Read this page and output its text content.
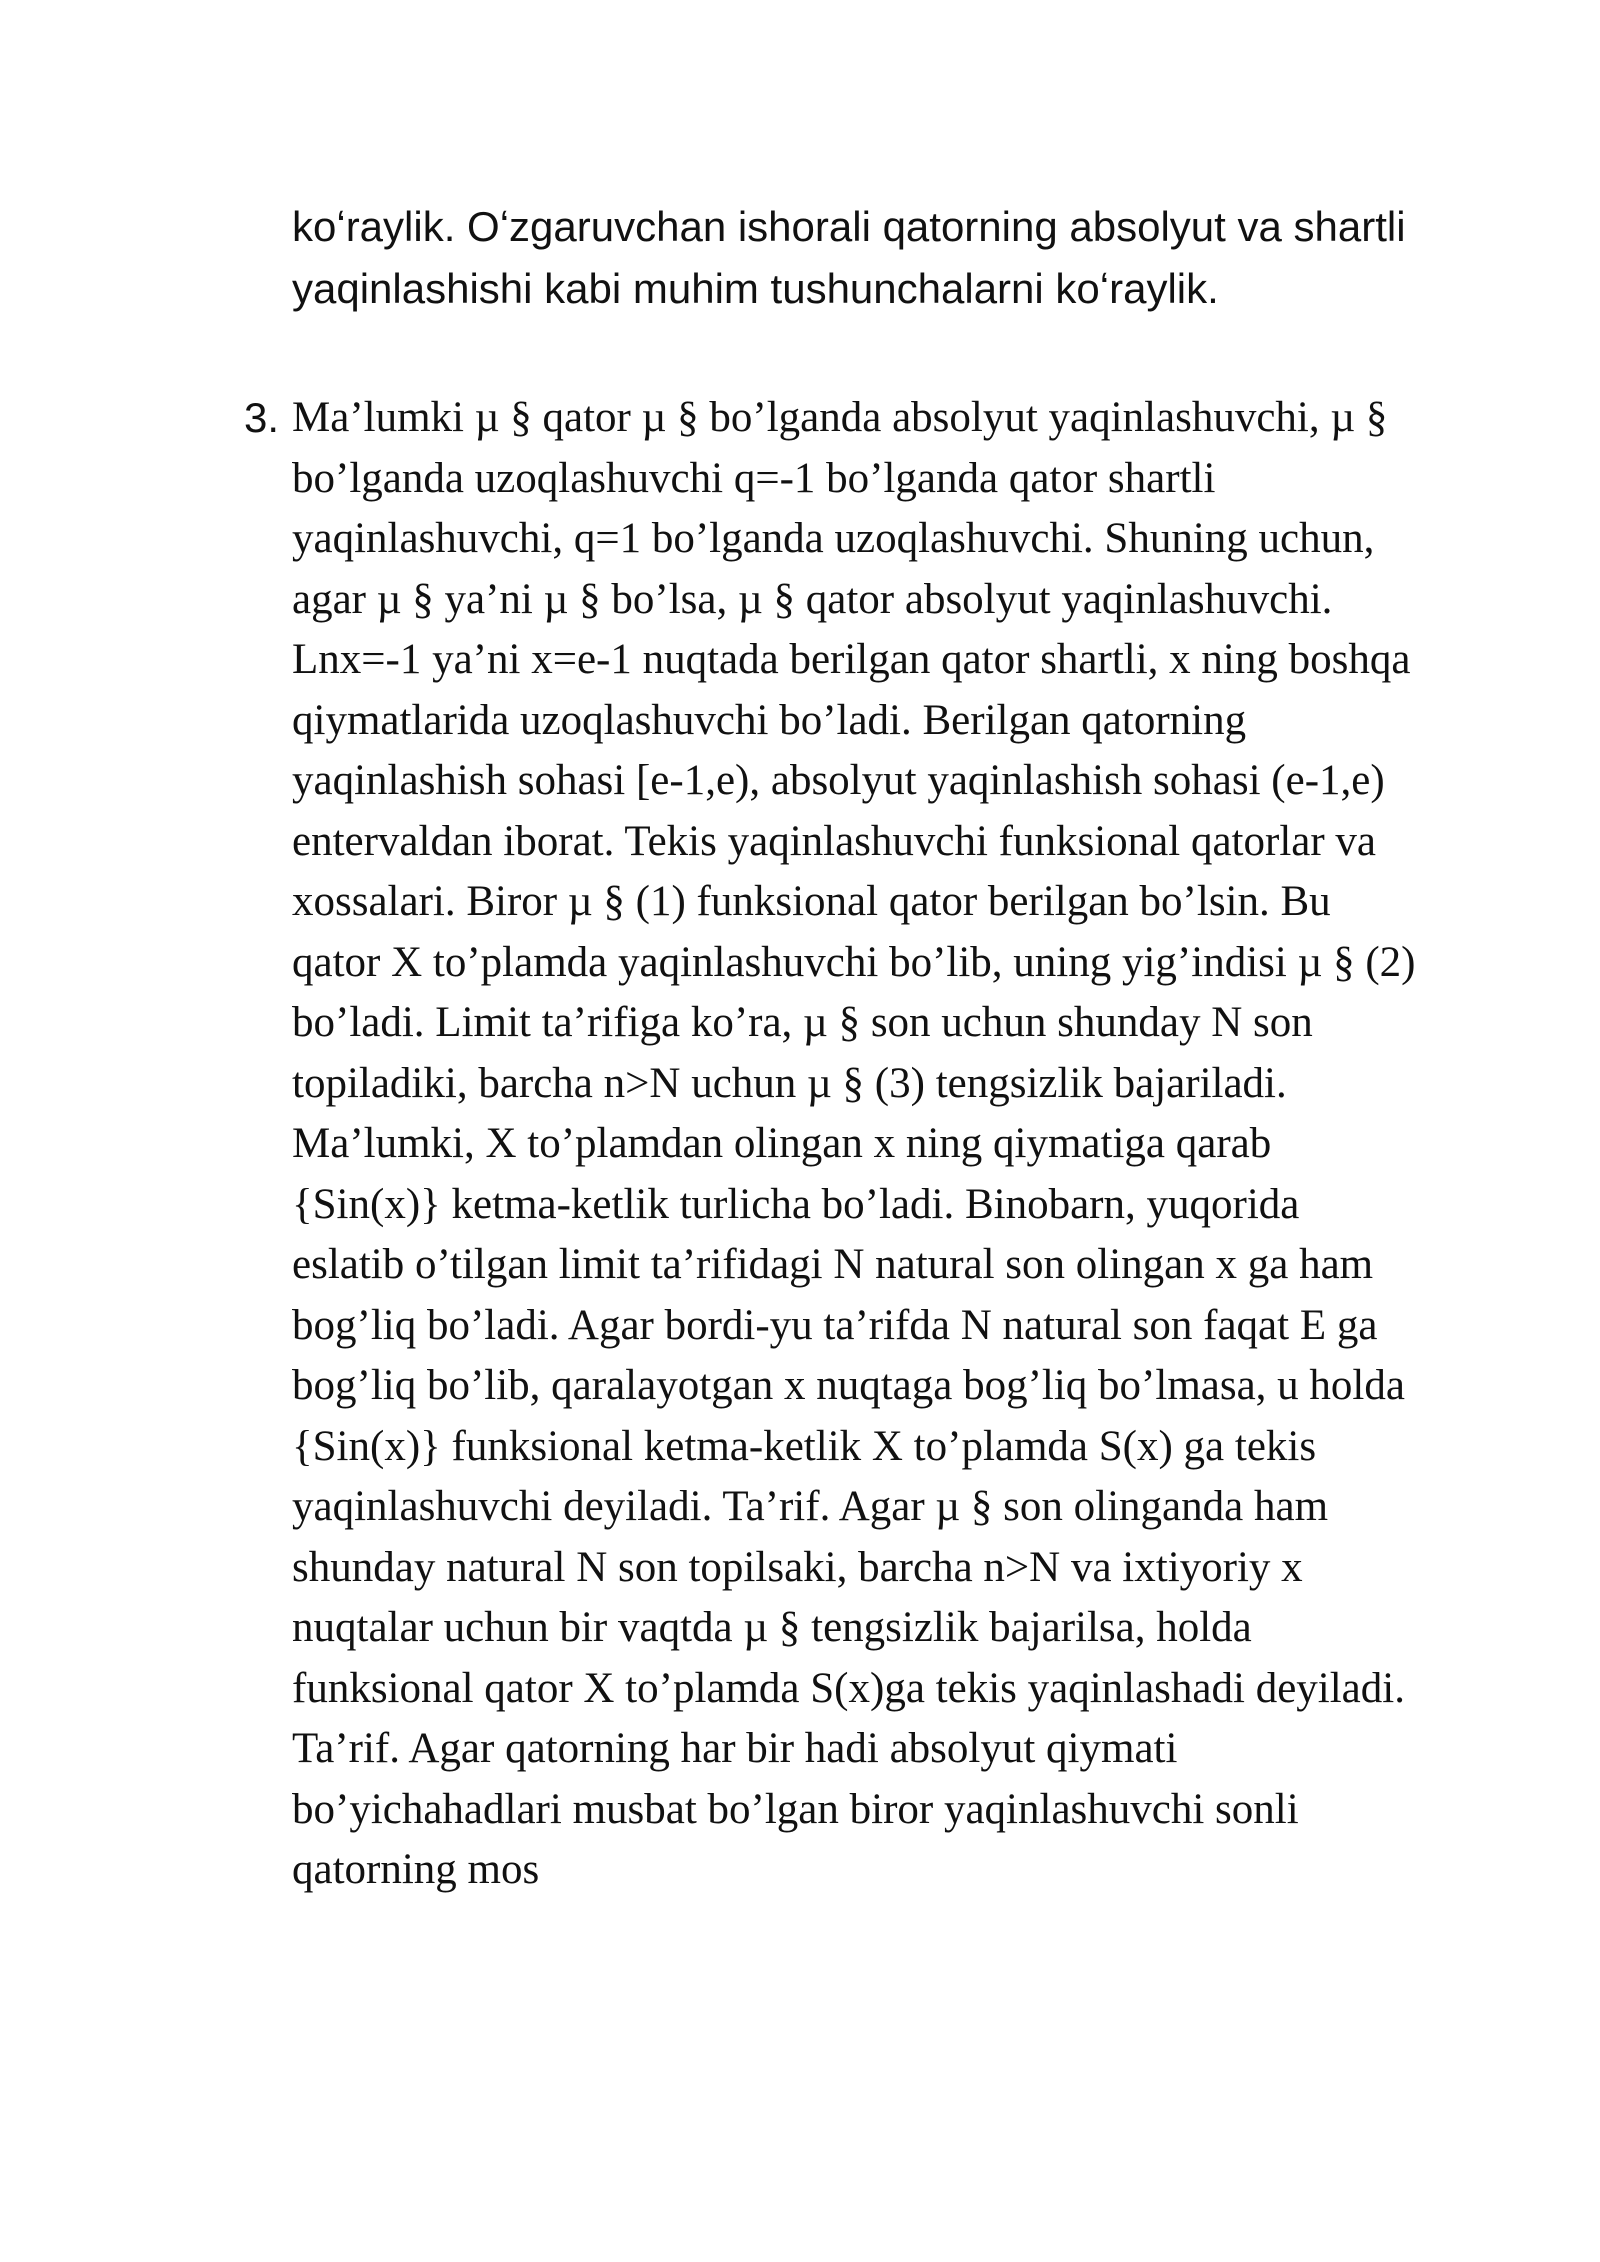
koʻraylik. Oʻzgaruvchan ishorali qatorning absolyut va shartli yaqinlashishi kabi muhim tushunchalarni koʻraylik.

3. Ma’lumki µ § qator µ § bo’lganda absolyut yaqinlashuvchi, µ § bo’lganda uzoqlashuvchi q=-1 bo’lganda qator shartli yaqinlashuvchi, q=1 bo’lganda uzoqlashuvchi. Shuning uchun, agar µ § ya’ni µ § bo’lsa, µ § qator absolyut yaqinlashuvchi. Lnx=-1 ya’ni x=e-1 nuqtada berilgan qator shartli, x ning boshqa qiymatlarida uzoqlashuvchi bo’ladi. Berilgan qatorning yaqinlashish sohasi [e-1,e), absolyut yaqinlashish sohasi (e-1,e) entervaldan iborat. Tekis yaqinlashuvchi funksional qatorlar va xossalari. Biror µ § (1) funksional qator berilgan bo’lsin. Bu qator X to’plamda yaqinlashuvchi bo’lib, uning yig’indisi µ § (2) bo’ladi. Limit ta’rifiga ko’ra, µ § son uchun shunday N son topiladiki, barcha n>N uchun µ § (3) tengsizlik bajariladi. Ma’lumki, X to’plamdan olingan x ning qiymatiga qarab {Sin(x)} ketma-ketlik turlicha bo’ladi. Binobarn, yuqorida eslatib o’tilgan limit ta’rifidagi N natural son olingan x ga ham bog’liq bo’ladi. Agar bordi-yu ta’rifda N natural son faqat E ga bog’liq bo’lib, qaralayotgan x nuqtaga bog’liq bo’lmasa, u holda {Sin(x)} funksional ketma-ketlik X to’plamda S(x) ga tekis yaqinlashuvchi deyiladi. Ta’rif. Agar µ § son olinganda ham shunday natural N son topilsaki, barcha n>N va ixtiyoriy x nuqtalar uchun bir vaqtda µ § tengsizlik bajarilsa, holda funksional qator X to’plamda S(x)ga tekis yaqinlashadi deyiladi. Ta’rif. Agar qatorning har bir hadi absolyut qiymati bo’yichahadlari musbat bo’lgan biror yaqinlashuvchi sonli qatorning mos
